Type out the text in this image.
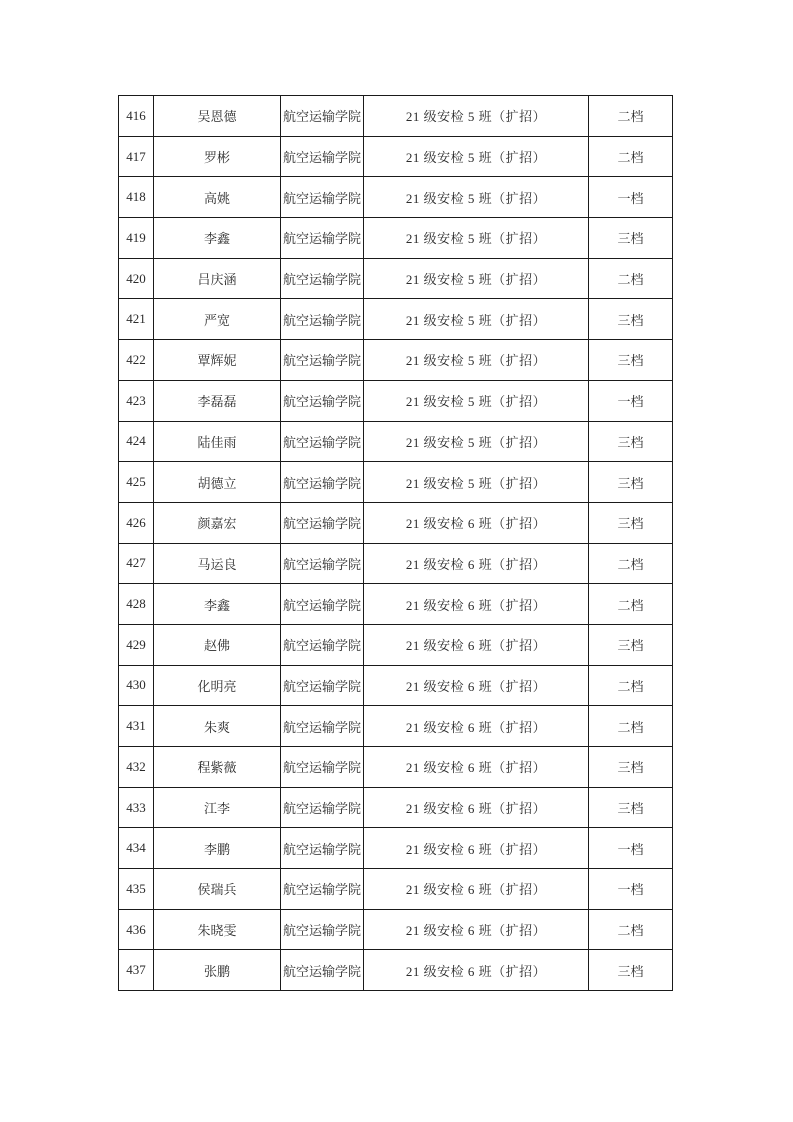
416	吴恩德	航空运输学院	21 级安检 5 班（扩招）	二档
417	罗彬	航空运输学院	21 级安检 5 班（扩招）	二档
418	高姚	航空运输学院	21 级安检 5 班（扩招）	一档
419	李鑫	航空运输学院	21 级安检 5 班（扩招）	三档
420	吕庆涵	航空运输学院	21 级安检 5 班（扩招）	二档
421	严宽	航空运输学院	21 级安检 5 班（扩招）	三档
422	覃辉妮	航空运输学院	21 级安检 5 班（扩招）	三档
423	李磊磊	航空运输学院	21 级安检 5 班（扩招）	一档
424	陆佳雨	航空运输学院	21 级安检 5 班（扩招）	三档
425	胡德立	航空运输学院	21 级安检 5 班（扩招）	三档
426	颜嘉宏	航空运输学院	21 级安检 6 班（扩招）	三档
427	马运良	航空运输学院	21 级安检 6 班（扩招）	二档
428	李鑫	航空运输学院	21 级安检 6 班（扩招）	二档
429	赵佛	航空运输学院	21 级安检 6 班（扩招）	三档
430	化明亮	航空运输学院	21 级安检 6 班（扩招）	二档
431	朱爽	航空运输学院	21 级安检 6 班（扩招）	二档
432	程紫薇	航空运输学院	21 级安检 6 班（扩招）	三档
433	江李	航空运输学院	21 级安检 6 班（扩招）	三档
434	李鹏	航空运输学院	21 级安检 6 班（扩招）	一档
435	侯瑞兵	航空运输学院	21 级安检 6 班（扩招）	一档
436	朱晓雯	航空运输学院	21 级安检 6 班（扩招）	二档
437	张鹏	航空运输学院	21 级安检 6 班（扩招）	三档
